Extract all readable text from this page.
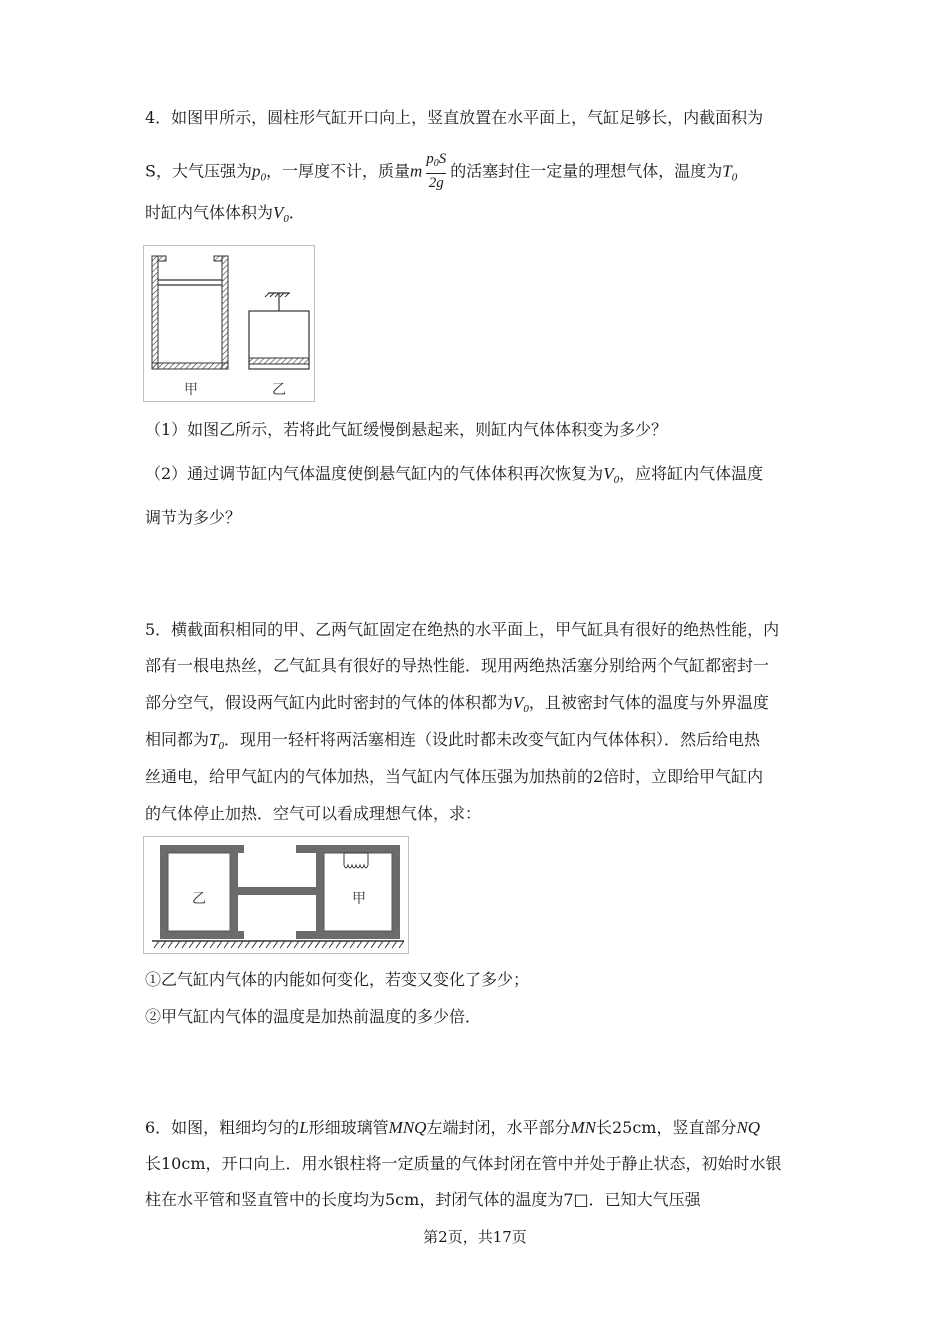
4．如图甲所示，圆柱形气缸开口向上，竖直放置在水平面上，气缸足够长，内截面积为
S，大气压强为$p_0$，一厚度不计，质量m $\frac{p_0S}{2g}$ 的活塞封住一定量的理想气体，温度为$T_0$
时缸内气体体积为$V_0$．
甲	乙
（1）如图乙所示，若将此气缸缓慢倒悬起来，则缸内气体体积变为多少？
（2）通过调节缸内气体温度使倒悬气缸内的气体体积再次恢复为$V_0$，应将缸内气体温度
调节为多少？
5．横截面积相同的甲、乙两气缸固定在绝热的水平面上，甲气缸具有很好的绝热性能，内
部有一根电热丝，乙气缸具有很好的导热性能．现用两绝热活塞分别给两个气缸都密封一
部分空气，假设两气缸内此时密封的气体的体积都为$V_0$，且被密封气体的温度与外界温度
相同都为$T_0$．现用一轻杆将两活塞相连（设此时都未改变气缸内气体体积）．然后给电热
丝通电，给甲气缸内的气体加热，当气缸内气体压强为加热前的2倍时，立即给甲气缸内
的气体停止加热．空气可以看成理想气体，求：
乙	甲
①乙气缸内气体的内能如何变化，若变又变化了多少；
②甲气缸内气体的温度是加热前温度的多少倍．
6．如图，粗细均匀的L形细玻璃管MNQ左端封闭，水平部分MN长25cm，竖直部分NQ
长10cm，开口向上．用水银柱将一定质量的气体封闭在管中并处于静止状态，初始时水银
柱在水平管和竖直管中的长度均为5cm，封闭气体的温度为7□．已知大气压强
第2页，共17页
